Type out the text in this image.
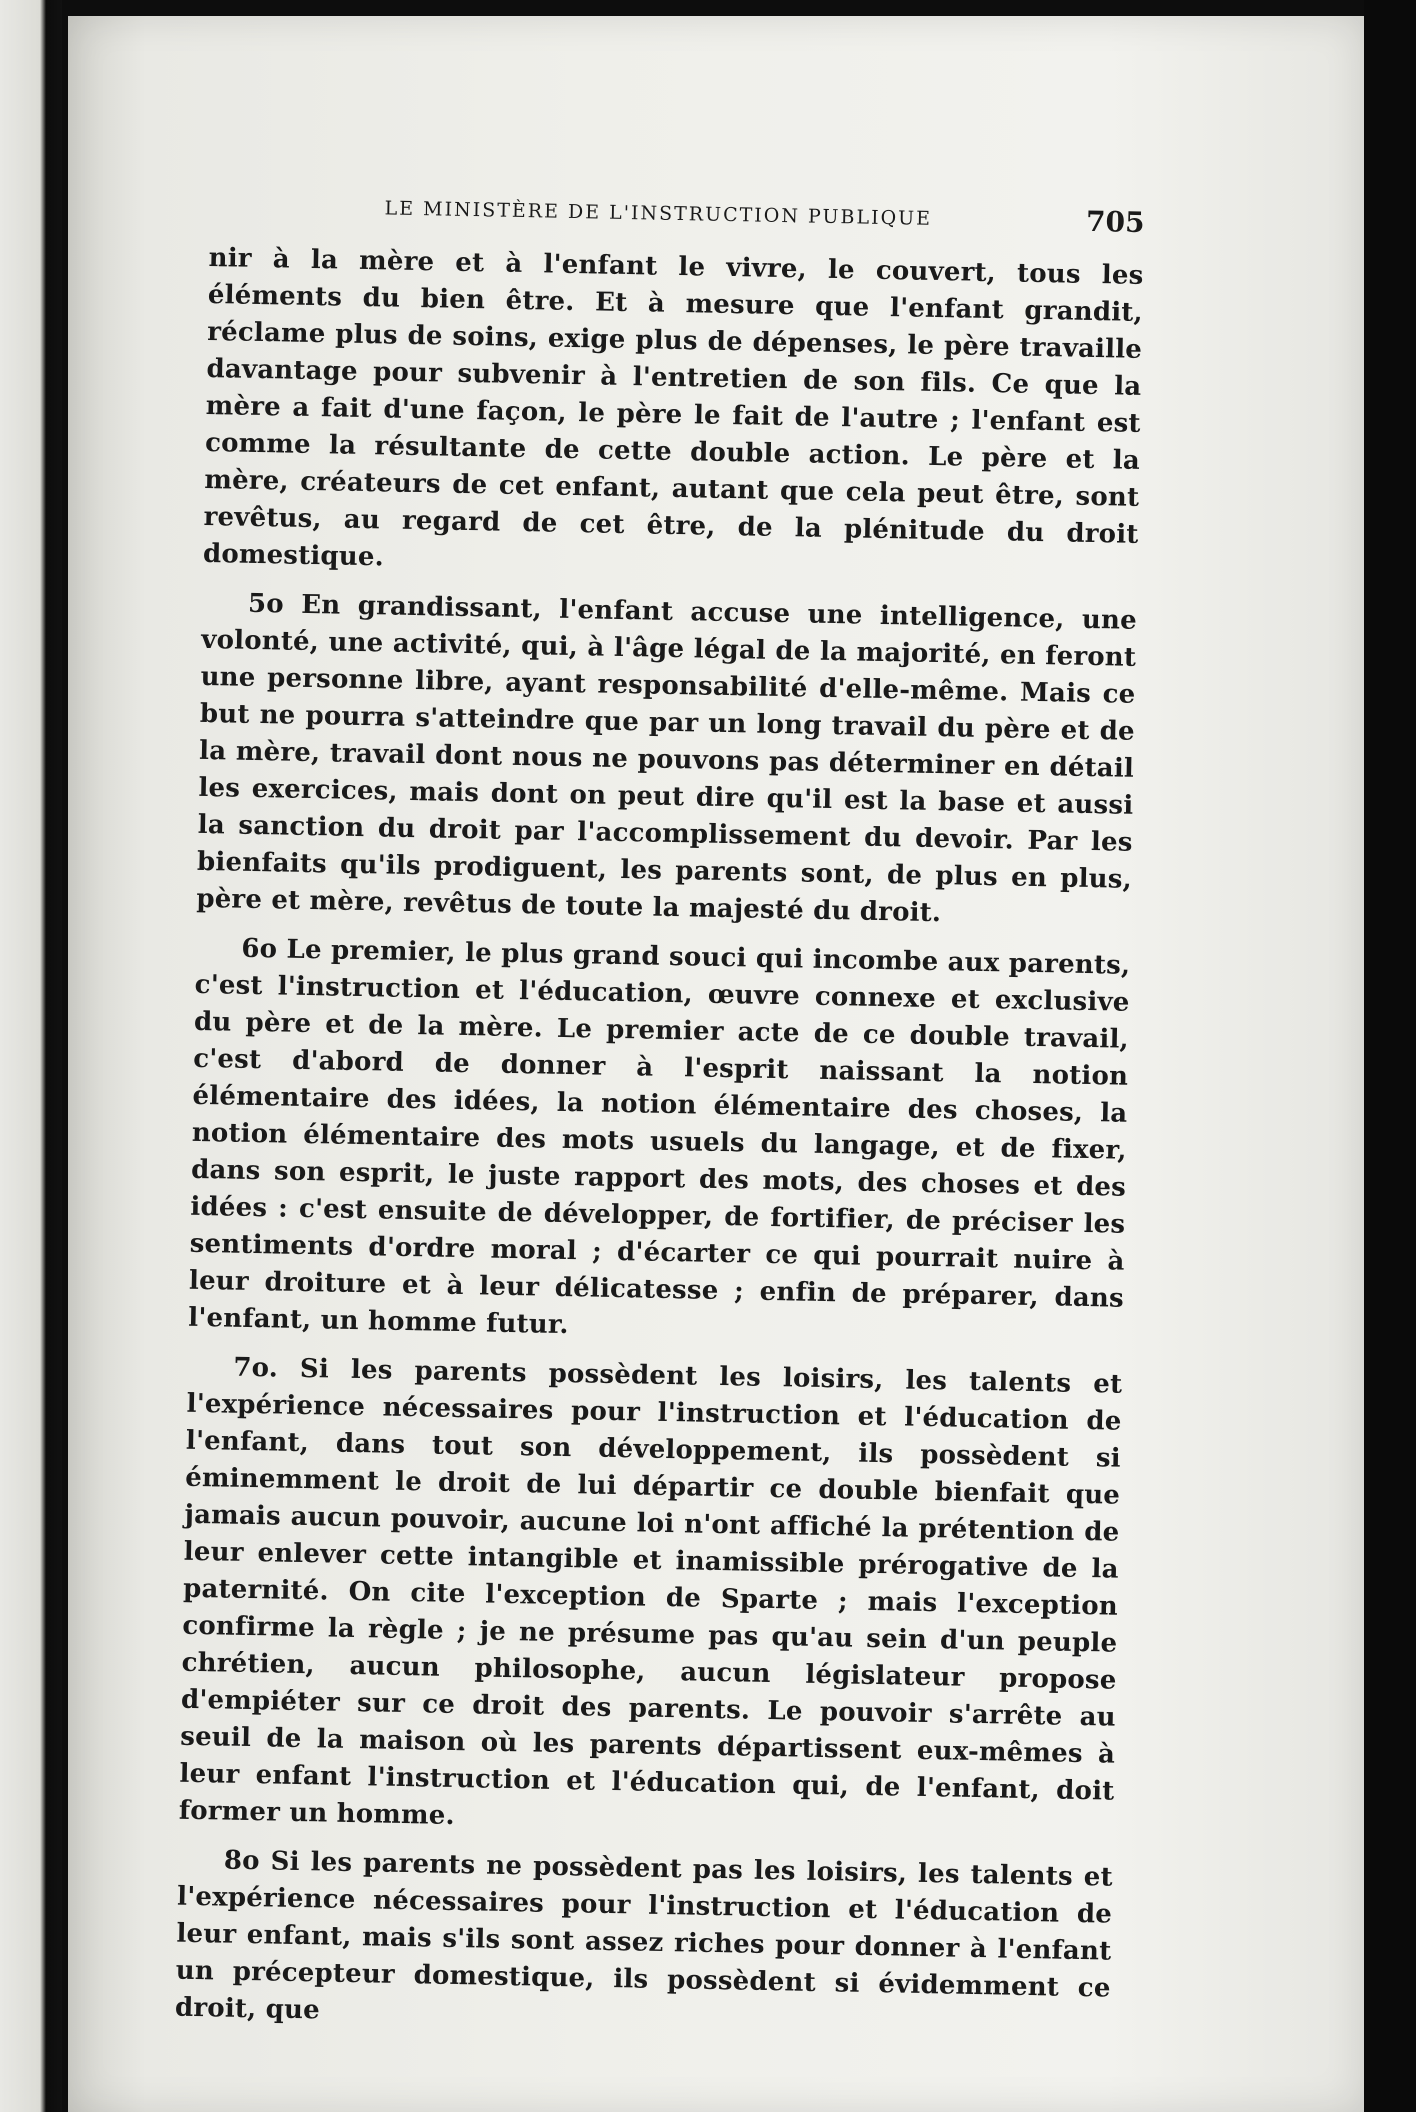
LE MINISTÈRE DE L'INSTRUCTION PUBLIQUE	705

nir à la mère et à l'enfant le vivre, le couvert, tous les éléments du bien être. Et à mesure que l'enfant grandit, réclame plus de soins, exige plus de dépenses, le père travaille davantage pour subvenir à l'entretien de son fils. Ce que la mère a fait d'une façon, le père le fait de l'autre ; l'enfant est comme la résultante de cette double action. Le père et la mère, créateurs de cet enfant, autant que cela peut être, sont revêtus, au regard de cet être, de la plénitude du droit domestique.

5o En grandissant, l'enfant accuse une intelligence, une volonté, une activité, qui, à l'âge légal de la majorité, en feront une personne libre, ayant responsabilité d'elle-même. Mais ce but ne pourra s'atteindre que par un long travail du père et de la mère, travail dont nous ne pouvons pas déterminer en détail les exercices, mais dont on peut dire qu'il est la base et aussi la sanction du droit par l'accomplissement du devoir. Par les bienfaits qu'ils prodiguent, les parents sont, de plus en plus, père et mère, revêtus de toute la majesté du droit.

6o Le premier, le plus grand souci qui incombe aux parents, c'est l'instruction et l'éducation, œuvre connexe et exclusive du père et de la mère. Le premier acte de ce double travail, c'est d'abord de donner à l'esprit naissant la notion élémentaire des idées, la notion élémentaire des choses, la notion élémentaire des mots usuels du langage, et de fixer, dans son esprit, le juste rapport des mots, des choses et des idées : c'est ensuite de développer, de fortifier, de préciser les sentiments d'ordre moral ; d'écarter ce qui pourrait nuire à leur droiture et à leur délicatesse ; enfin de préparer, dans l'enfant, un homme futur.

7o. Si les parents possèdent les loisirs, les talents et l'expérience nécessaires pour l'instruction et l'éducation de l'enfant, dans tout son développement, ils possèdent si éminemment le droit de lui départir ce double bienfait que jamais aucun pouvoir, aucune loi n'ont affiché la prétention de leur enlever cette intangible et inamissible prérogative de la paternité. On cite l'exception de Sparte ; mais l'exception confirme la règle ; je ne présume pas qu'au sein d'un peuple chrétien, aucun philosophe, aucun législateur propose d'empiéter sur ce droit des parents. Le pouvoir s'arrête au seuil de la maison où les parents départissent eux-mêmes à leur enfant l'instruction et l'éducation qui, de l'enfant, doit former un homme.

8o Si les parents ne possèdent pas les loisirs, les talents et l'expérience nécessaires pour l'instruction et l'éducation de leur enfant, mais s'ils sont assez riches pour donner à l'enfant un précepteur domestique, ils possèdent si évidemment ce droit, que
